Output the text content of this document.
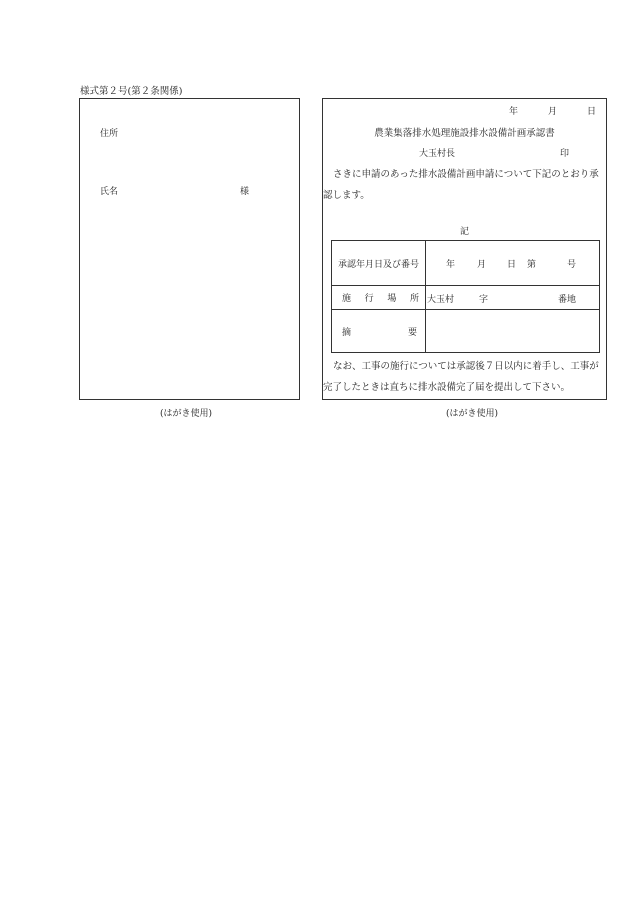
様式第２号(第２条関係)
住所
氏名	様
(はがき使用)
年	月	日
農業集落排水処理施設排水設備計画承認書
大玉村長	印
さきに申請のあった排水設備計画申請について下記のとおり承認します。
記
承認年月日及び番号	年 月 日 第 号

施 行 場 所	大玉村 字 番地

摘 要	

なお、工事の施行については承認後７日以内に着手し、工事が完了したときは直ちに排水設備完了届を提出して下さい。
(はがき使用)
